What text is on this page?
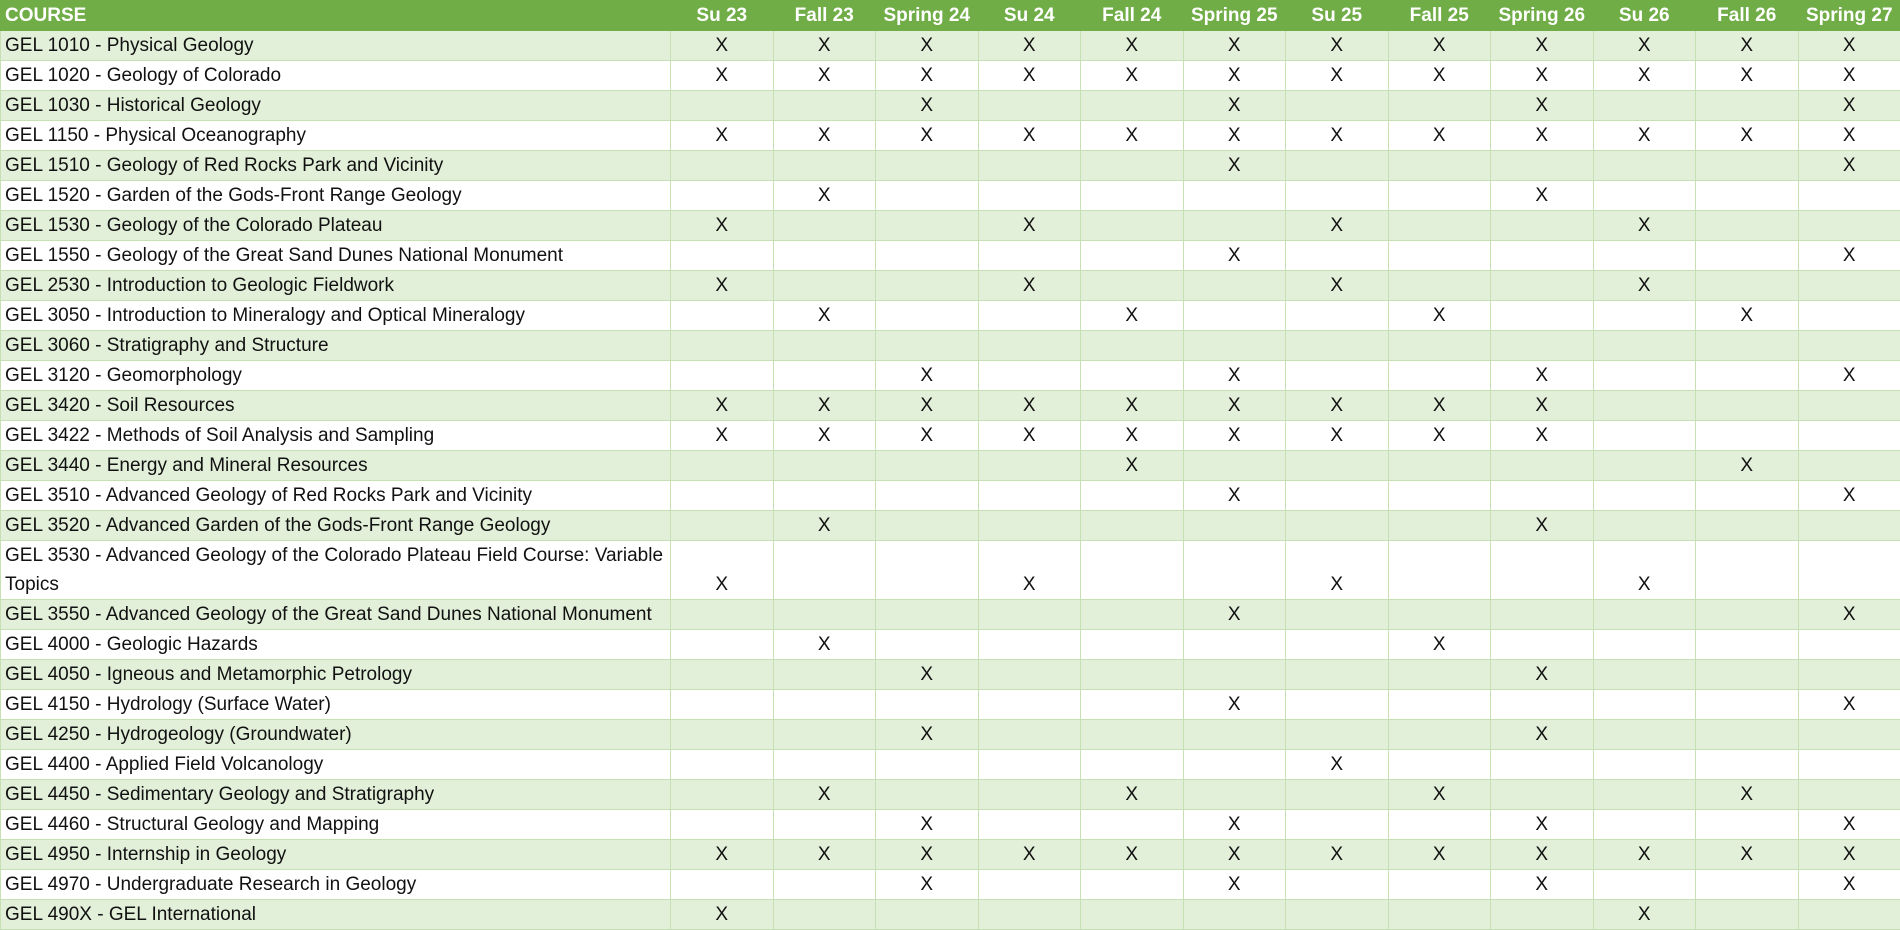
COURSE	Su 23	Fall 23	Spring 24	Su 24	Fall 24	Spring 25	Su 25	Fall 25	Spring 26	Su 26	Fall 26	Spring 27
GEL 1010 - Physical Geology	X	X	X	X	X	X	X	X	X	X	X	X
GEL 1020 - Geology of Colorado	X	X	X	X	X	X	X	X	X	X	X	X
GEL 1030 - Historical Geology			X			X			X			X
GEL 1150 - Physical Oceanography	X	X	X	X	X	X	X	X	X	X	X	X
GEL 1510 - Geology of Red Rocks Park and Vicinity						X						X
GEL 1520 - Garden of the Gods-Front Range Geology		X							X			
GEL 1530 - Geology of the Colorado Plateau	X			X			X			X		
GEL 1550 - Geology of the Great Sand Dunes National Monument						X						X
GEL 2530 - Introduction to Geologic Fieldwork	X			X			X			X		
GEL 3050 - Introduction to Mineralogy and Optical Mineralogy		X			X			X			X	
GEL 3060 - Stratigraphy and Structure												
GEL 3120 - Geomorphology			X			X			X			X
GEL 3420 - Soil Resources	X	X	X	X	X	X	X	X	X			
GEL 3422 - Methods of Soil Analysis and Sampling	X	X	X	X	X	X	X	X	X			
GEL 3440 - Energy and Mineral Resources					X						X	
GEL 3510 - Advanced Geology of Red Rocks Park and Vicinity						X						X
GEL 3520 - Advanced Garden of the Gods-Front Range Geology		X							X			
GEL 3530 - Advanced Geology of the Colorado Plateau Field Course: Variable Topics	X			X			X			X		
GEL 3550 - Advanced Geology of the Great Sand Dunes National Monument						X						X
GEL 4000 - Geologic Hazards		X						X				
GEL 4050 - Igneous and Metamorphic Petrology			X						X			
GEL 4150 - Hydrology (Surface Water)						X						X
GEL 4250 - Hydrogeology (Groundwater)			X						X			
GEL 4400 - Applied Field Volcanology							X					
GEL 4450 - Sedimentary Geology and Stratigraphy		X			X			X			X	
GEL 4460 - Structural Geology and Mapping			X			X			X			X
GEL 4950 - Internship in Geology	X	X	X	X	X	X	X	X	X	X	X	X
GEL 4970 - Undergraduate Research in Geology			X			X			X			X
GEL 490X - GEL International	X									X		
